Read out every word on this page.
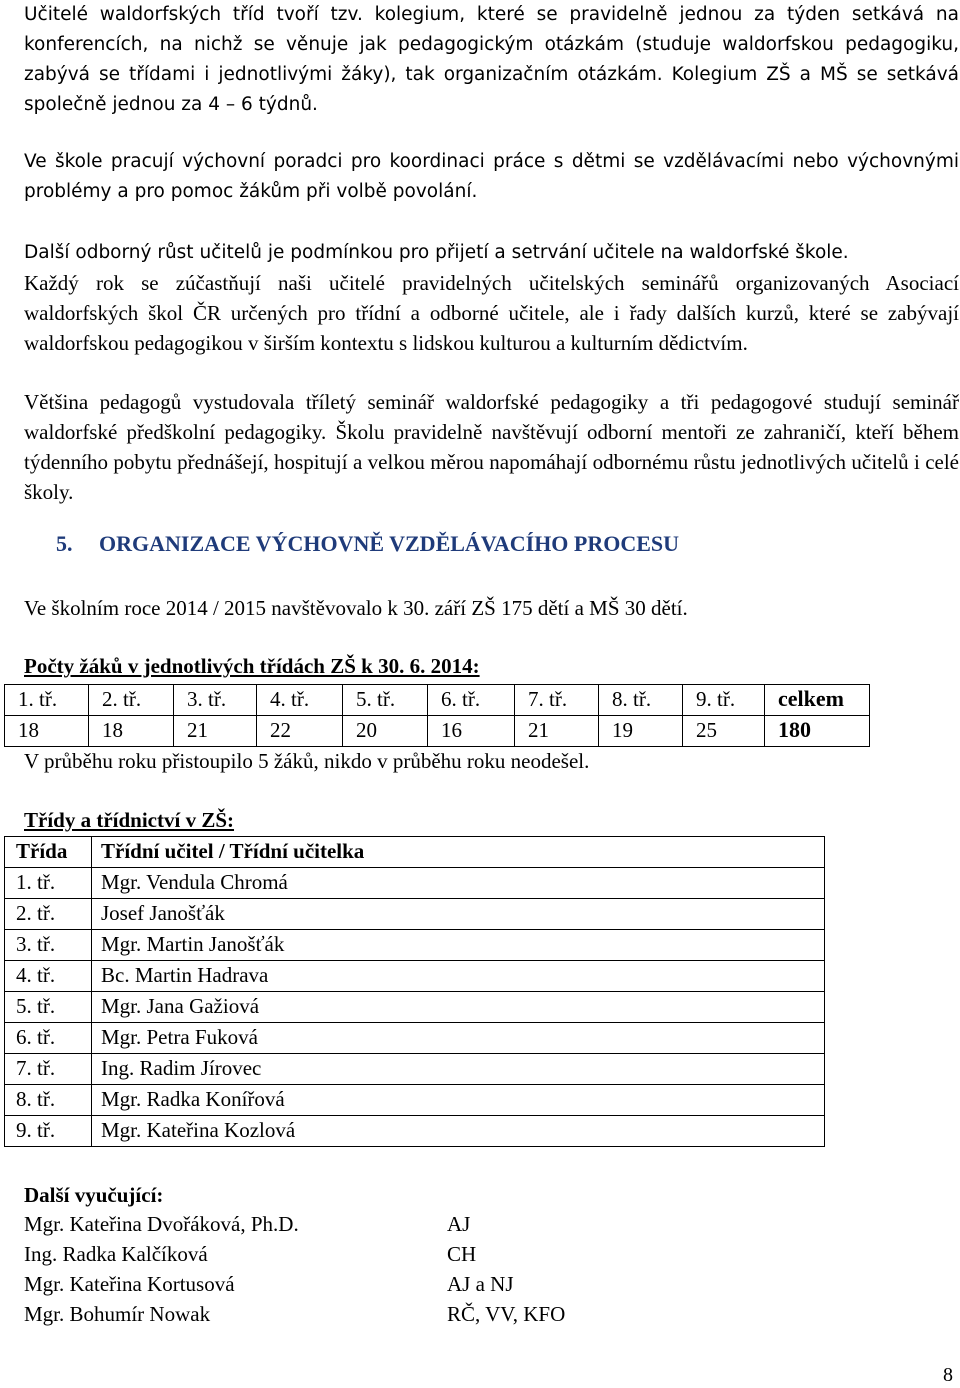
Učitelé waldorfských tříd tvoří tzv. kolegium, které se pravidelně jednou za týden setkává na konferencích, na nichž se věnuje jak pedagogickým otázkám (studuje waldorfskou pedagogiku, zabývá se třídami i jednotlivými žáky), tak organizačním otázkám. Kolegium ZŠ a MŠ se setkává společně jednou za 4 – 6 týdnů.

Ve škole pracují výchovní poradci pro koordinaci práce s dětmi se vzdělávacími nebo výchovnými problémy a pro pomoc žákům při volbě povolání.

Další odborný růst učitelů je podmínkou pro přijetí a setrvání učitele na waldorfské škole.

Každý rok se zúčastňují naši učitelé pravidelných učitelských seminářů organizovaných Asociací waldorfských škol ČR určených pro třídní a odborné učitele, ale i řady dalších kurzů, které se zabývají waldorfskou pedagogikou v širším kontextu s lidskou kulturou a kulturním dědictvím.

Většina pedagogů vystudovala tříletý seminář waldorfské pedagogiky a tři pedagogové studují seminář waldorfské předškolní pedagogiky. Školu pravidelně navštěvují odborní mentoři ze zahraničí, kteří během týdenního pobytu přednášejí, hospitují a velkou měrou napomáhají odbornému růstu jednotlivých učitelů i celé školy.

5. ORGANIZACE VÝCHOVNĚ VZDĚLÁVACÍHO PROCESU
Ve školním roce 2014 / 2015 navštěvovalo k 30. září ZŠ 175 dětí a MŠ 30 dětí.
Počty žáků v jednotlivých třídách ZŠ k 30. 6. 2014:
1. tř.	2. tř.	3. tř.	4. tř.	5. tř.	6. tř.	7. tř.	8. tř.	9. tř.	celkem
18	18	21	22	20	16	21	19	25	180
V průběhu roku přistoupilo 5 žáků, nikdo v průběhu roku neodešel.
Třídy a třídnictví v ZŠ:
Třída	Třídní učitel / Třídní učitelka
1. tř.	Mgr. Vendula Chromá
2. tř.	Josef Janošťák
3. tř.	Mgr. Martin Janošťák
4. tř.	Bc. Martin Hadrava
5. tř.	Mgr. Jana Gažiová
6. tř.	Mgr. Petra Fuková
7. tř.	Ing. Radim Jírovec
8. tř.	Mgr. Radka Konířová
9. tř.	Mgr. Kateřina Kozlová
Další vyučující:
Mgr. Kateřina Dvořáková, Ph.D.	AJ
Ing. Radka Kalčíková	CH
Mgr. Kateřina Kortusová	AJ a NJ
Mgr. Bohumír Nowak	RČ, VV, KFO
8
